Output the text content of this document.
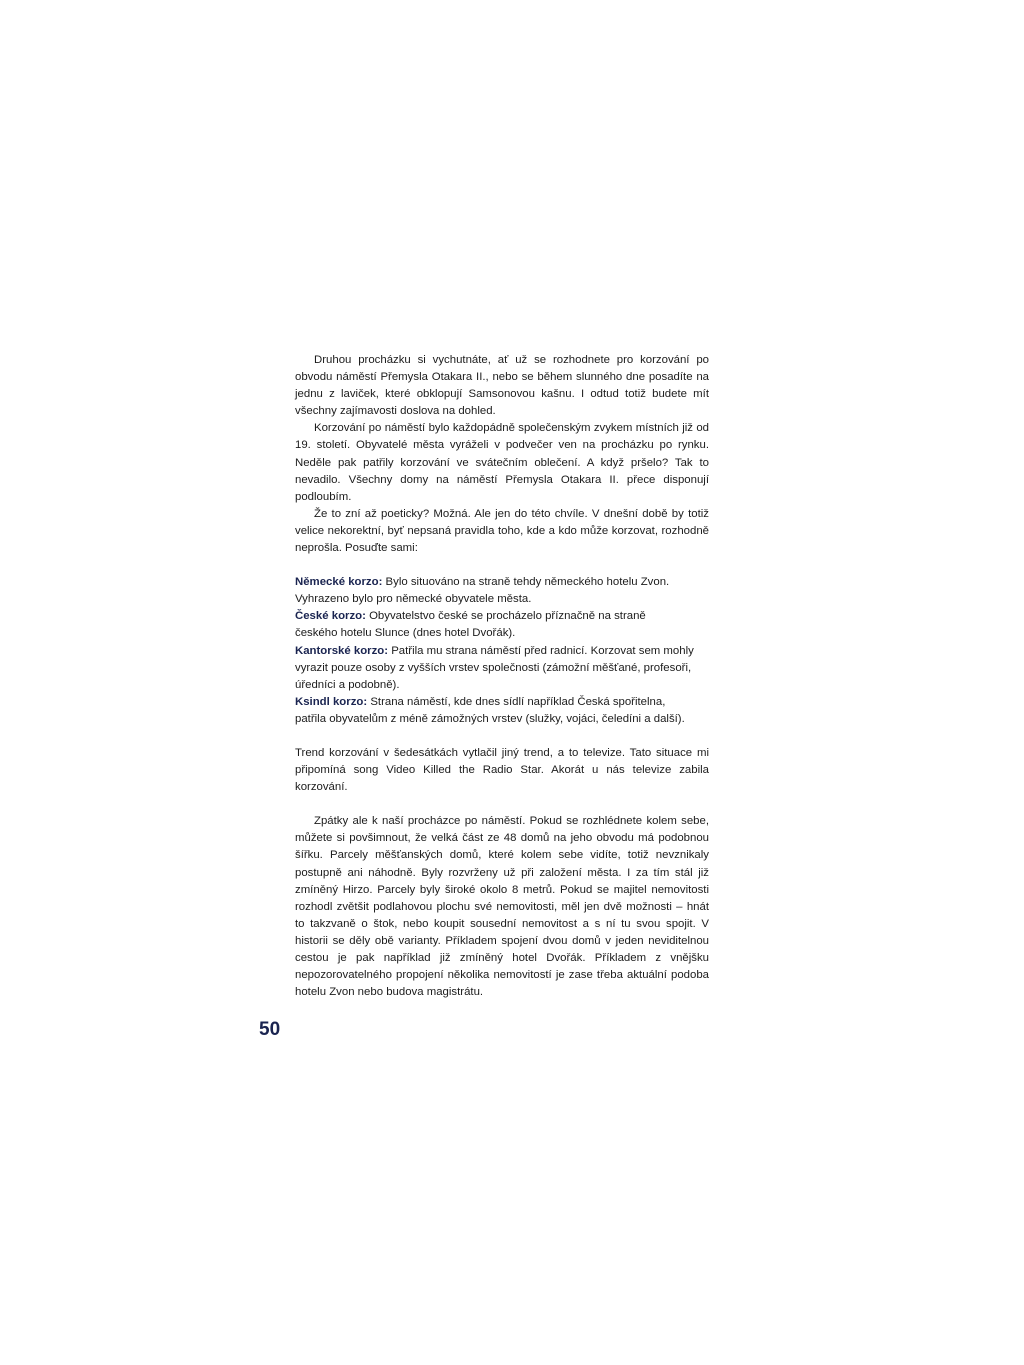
Druhou procházku si vychutnáte, ať už se rozhodnete pro korzování po obvodu náměstí Přemysla Otakara II., nebo se během slunného dne posadíte na jednu z laviček, které obklopují Samsonovou kašnu. I odtud totiž budete mít všechny zajímavosti doslova na dohled.

Korzování po náměstí bylo každopádně společenským zvykem místních již od 19. století. Obyvatelé města vyráželi v podvečer ven na procházku po rynku. Neděle pak patřily korzování ve svátečním oblečení. A když pršelo? Tak to nevadilo. Všechny domy na náměstí Přemysla Otakara II. přece disponují podloubím.

Že to zní až poeticky? Možná. Ale jen do této chvíle. V dnešní době by totiž velice nekorektní, byť nepsaná pravidla toho, kde a kdo může korzovat, rozhodně neprošla. Posuďte sami:

Německé korzo: Bylo situováno na straně tehdy německého hotelu Zvon.
Vyhrazeno bylo pro německé obyvatele města.

České korzo: Obyvatelstvo české se procházelo příznačně na straně
českého hotelu Slunce (dnes hotel Dvořák).

Kantorské korzo: Patřila mu strana náměstí před radnicí. Korzovat sem mohly
vyrazit pouze osoby z vyšších vrstev společnosti (zámožní měšťané, profesoři,
úředníci a podobně).

Ksindl korzo: Strana náměstí, kde dnes sídlí například Česká spořitelna,
patřila obyvatelům z méně zámožných vrstev (služky, vojáci, čeledíni a další).

Trend korzování v šedesátkách vytlačil jiný trend, a to televize. Tato situace mi připomíná song Video Killed the Radio Star. Akorát u nás televize zabila korzování.

Zpátky ale k naší procházce po náměstí. Pokud se rozhlédnete kolem sebe, můžete si povšimnout, že velká část ze 48 domů na jeho obvodu má podobnou šířku. Parcely měšťanských domů, které kolem sebe vidíte, totiž nevznikaly postupně ani náhodně. Byly rozvrženy už při založení města. I za tím stál již zmíněný Hirzo. Parcely byly široké okolo 8 metrů. Pokud se majitel nemovitosti rozhodl zvětšit podlahovou plochu své nemovitosti, měl jen dvě možnosti – hnát to takzvaně o štok, nebo koupit sousední nemovitost a s ní tu svou spojit. V historii se děly obě varianty. Příkladem spojení dvou domů v jeden neviditelnou cestou je pak například již zmíněný hotel Dvořák. Příkladem z vnějšku nepozorovatelného propojení několika nemovitostí je zase třeba aktuální podoba hotelu Zvon nebo budova magistrátu.

50
